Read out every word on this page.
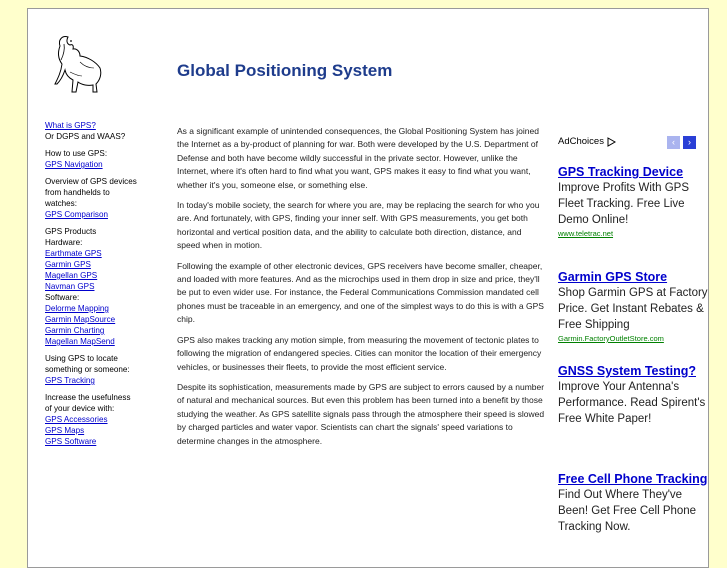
Global Positioning System
What is GPS?
Or DGPS and WAAS?
How to use GPS:
GPS Navigation
Overview of GPS devices
from handhelds to
watches:
GPS Comparison
GPS Products
Hardware:
Earthmate GPS
Garmin GPS
Magellan GPS
Navman GPS
Software:
Delorme Mapping
Garmin MapSource
Garmin Charting
Magellan MapSend
Using GPS to locate
something or someone:
GPS Tracking
Increase the usefulness
of your device with:
GPS Accessories
GPS Maps
GPS Software

As a significant example of unintended consequences, the Global Positioning System has joined the Internet as a by-product of planning for war. Both were developed by the U.S. Department of Defense and both have become wildly successful in the private sector. However, unlike the Internet, where it's often hard to find what you want, GPS makes it easy to find what you want, whether it's you, someone else, or something else.

In today's mobile society, the search for where you are, may be replacing the search for who you are. And fortunately, with GPS, finding your inner self. With GPS measurements, you get both horizontal and vertical position data, and the ability to calculate both direction, distance, and speed when in motion.

Following the example of other electronic devices, GPS receivers have become smaller, cheaper, and loaded with more features. And as the microchips used in them drop in size and price, they'll be put to even wider use. For instance, the Federal Communications Commission mandated cell phones must be traceable in an emergency, and one of the simplest ways to do this is with a GPS chip.

GPS also makes tracking any motion simple, from measuring the movement of tectonic plates to following the migration of endangered species. Cities can monitor the location of their emergency vehicles, or businesses their fleets, to provide the most efficient service.

Despite its sophistication, measurements made by GPS are subject to errors caused by a number of natural and mechanical sources. But even this problem has been turned into a benefit by those studying the weather. As GPS satellite signals pass through the atmosphere their speed is slowed by charged particles and water vapor. Scientists can chart the signals' speed variations to determine changes in the atmosphere.

AdChoices	‹	›
GPS Tracking Device
Improve Profits With GPS Fleet Tracking. Free Live Demo Online!
www.teletrac.net
Garmin GPS Store
Shop Garmin GPS at Factory Price. Get Instant Rebates & Free Shipping
Garmin.FactoryOutletStore.com
GNSS System Testing?
Improve Your Antenna's Performance. Read Spirent's Free White Paper!
Free Cell Phone Tracking
Find Out Where They've Been! Get Free Cell Phone Tracking Now.
